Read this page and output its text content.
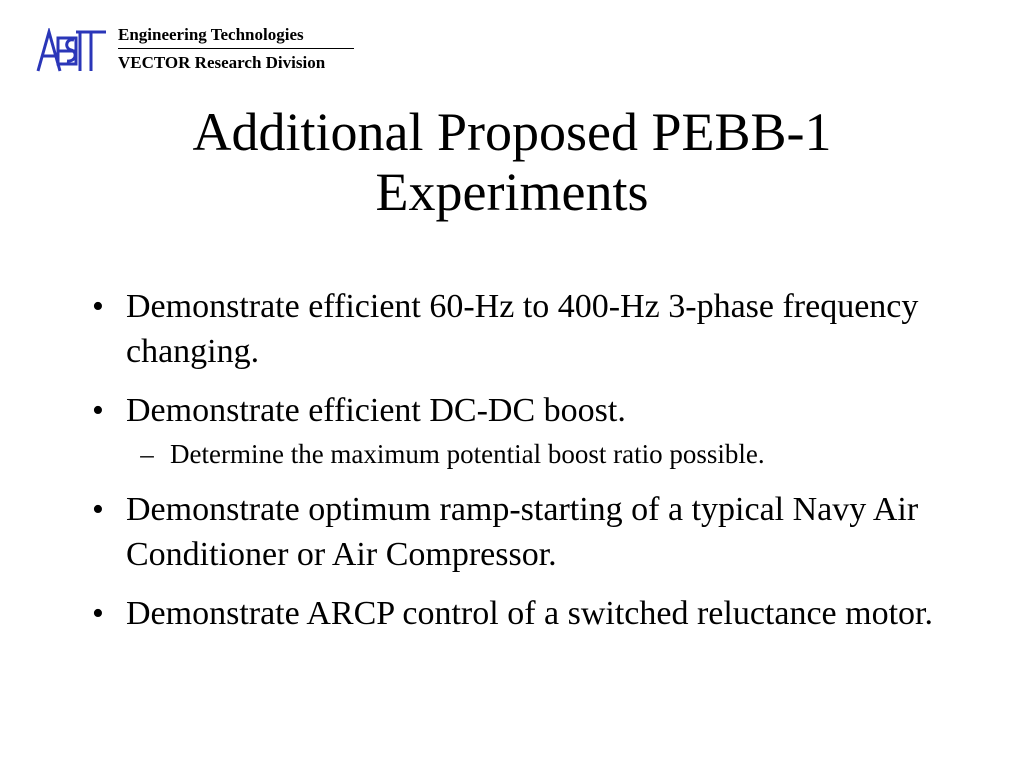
Engineering Technologies
VECTOR Research Division
Additional Proposed PEBB-1
Experiments
• Demonstrate efficient 60-Hz to 400-Hz 3-phase frequency changing.
• Demonstrate efficient DC-DC boost.
– Determine the maximum potential boost ratio possible.
• Demonstrate optimum ramp-starting of a typical Navy Air Conditioner or Air Compressor.
• Demonstrate ARCP control of a switched reluctance motor.
